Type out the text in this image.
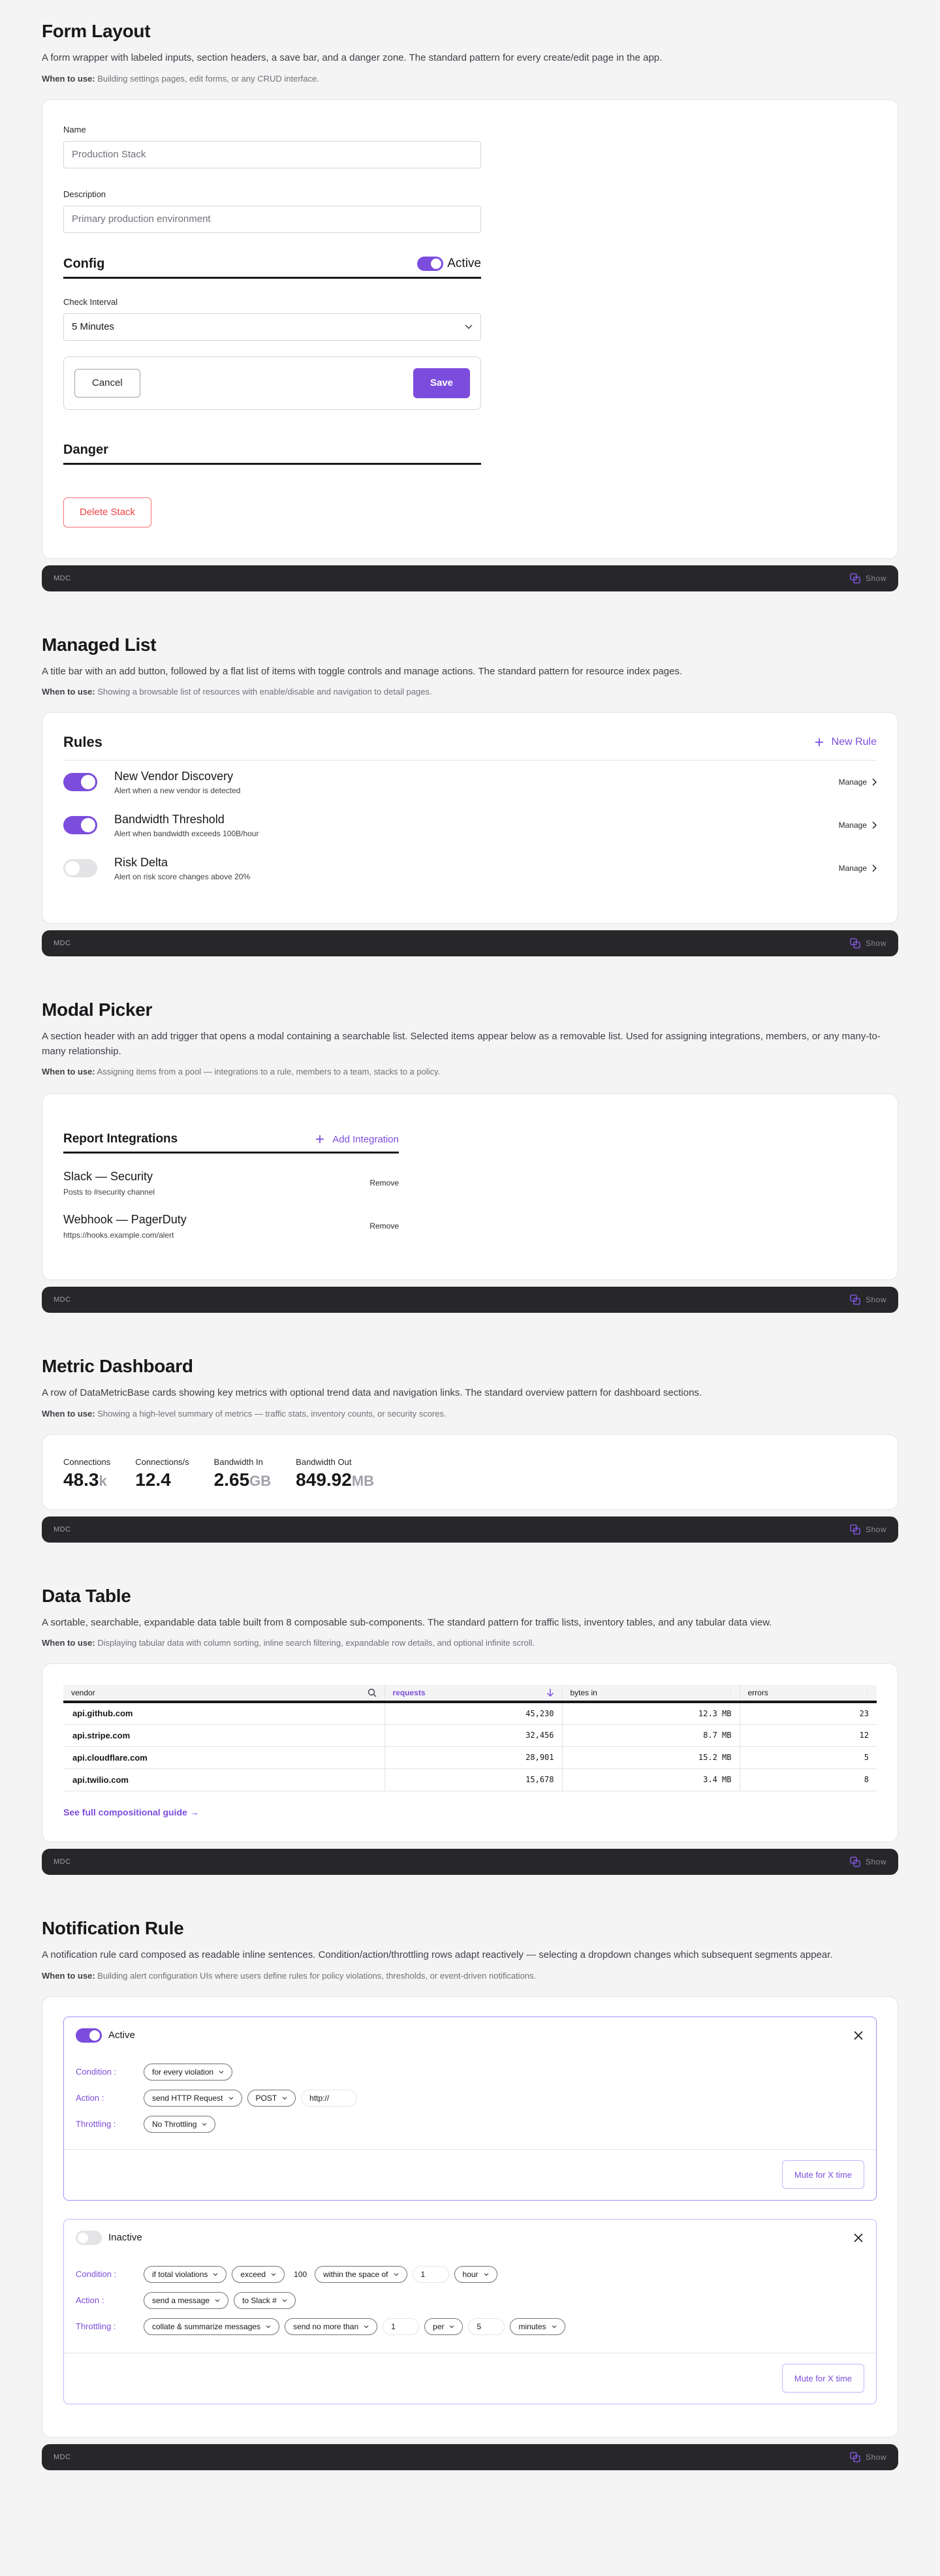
Form Layout

A form wrapper with labeled inputs, section headers, a save bar, and a danger zone. The standard pattern for every create/edit page in the app.

When to use: Building settings pages, edit forms, or any CRUD interface.

Name
Production Stack
Description
Primary production environment
Config	Active
Check Interval
5 Minutes
Cancel	Save
Danger
Delete Stack
MDC	Show
Managed List

A title bar with an add button, followed by a flat list of items with toggle controls and manage actions. The standard pattern for resource index pages.

When to use: Showing a browsable list of resources with enable/disable and navigation to detail pages.

Rules	New Rule
New Vendor Discovery
Alert when a new vendor is detected
Manage
Bandwidth Threshold
Alert when bandwidth exceeds 100B/hour
Manage
Risk Delta
Alert on risk score changes above 20%
Manage
MDC	Show
Modal Picker

A section header with an add trigger that opens a modal containing a searchable list. Selected items appear below as a removable list. Used for assigning integrations, members, or any many-to-many relationship.

When to use: Assigning items from a pool — integrations to a rule, members to a team, stacks to a policy.

Report Integrations	Add Integration
Slack — Security
Posts to #security channel
Remove
Webhook — PagerDuty
https://hooks.example.com/alert
Remove
MDC	Show
Metric Dashboard

A row of DataMetricBase cards showing key metrics with optional trend data and navigation links. The standard overview pattern for dashboard sections.

When to use: Showing a high-level summary of metrics — traffic stats, inventory counts, or security scores.

Connections
48.3k
Connections/s
12.4
Bandwidth In
2.65GB
Bandwidth Out
849.92MB
MDC	Show
Data Table

A sortable, searchable, expandable data table built from 8 composable sub-components. The standard pattern for traffic lists, inventory tables, and any tabular data view.

When to use: Displaying tabular data with column sorting, inline search filtering, expandable row details, and optional infinite scroll.

vendor	requests	bytes in ↕	errors ↕

api.github.com	45,230	12.3 MB	23
api.stripe.com	32,456	8.7 MB	12
api.cloudflare.com	28,901	15.2 MB	5
api.twilio.com	15,678	3.4 MB	8
See full compositional guide →
MDC	Show
Notification Rule

A notification rule card composed as readable inline sentences. Condition/action/throttling rows adapt reactively — selecting a dropdown changes which subsequent segments appear.

When to use: Building alert configuration UIs where users define rules for policy violations, thresholds, or event-driven notifications.

Active
Condition :	for every violation
Action :	send HTTP Request	POST	http://
Throttling :	No Throttling
Mute for X time
Inactive
Condition :	if total violations	exceed	100 within the space of	1	hour
Action :	send a message	to Slack #
Throttling :	collate & summarize messages	send no more than	1	per	5	minutes
Mute for X time
MDC	Show
